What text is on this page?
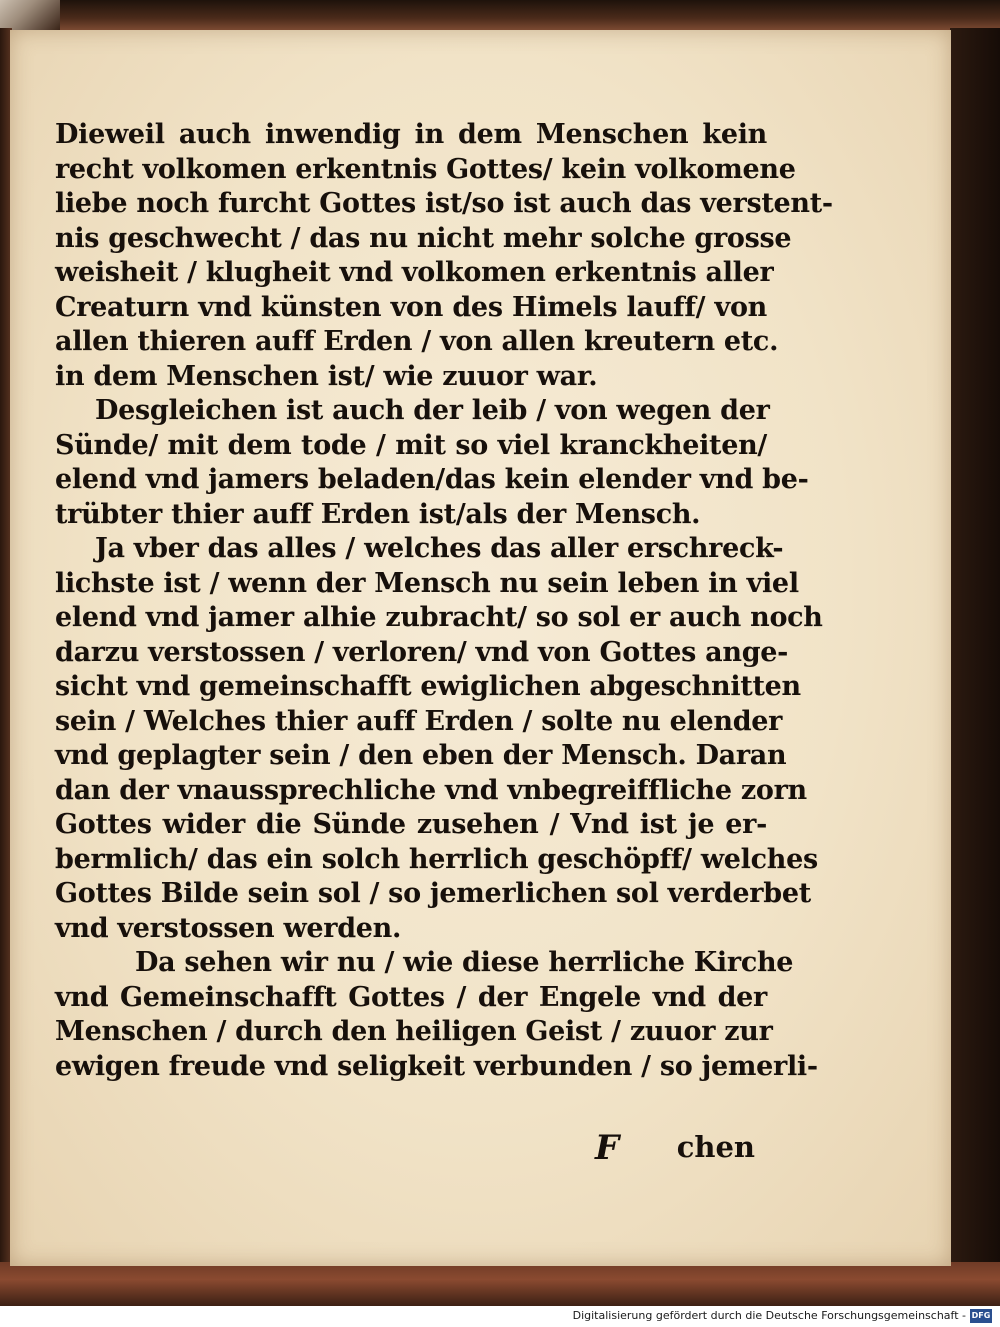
Dieweil auch inwendig in dem Menschen kein
recht volkomen erkentnis Gottes/ kein volkomene
liebe noch furcht Gottes ist/so ist auch das verstent-
nis geschwecht / das nu nicht mehr solche grosse
weisheit / klugheit vnd volkomen erkentnis aller
Creaturn vnd künsten von des Himels lauff/ von
allen thieren auff Erden / von allen kreutern etc.
in dem Menschen ist/ wie zuuor war.
Desgleichen ist auch der leib / von wegen der
Sünde/ mit dem tode / mit so viel kranckheiten/
elend vnd jamers beladen/das kein elender vnd be-
trübter thier auff Erden ist/als der Mensch.
Ja vber das alles / welches das aller erschreck-
lichste ist / wenn der Mensch nu sein leben in viel
elend vnd jamer alhie zubracht/ so sol er auch noch
darzu verstossen / verloren/ vnd von Gottes ange-
sicht vnd gemeinschafft ewiglichen abgeschnitten
sein / Welches thier auff Erden / solte nu elender
vnd geplagter sein / den eben der Mensch. Daran
dan der vnaussprechliche vnd vnbegreiffliche zorn
Gottes wider die Sünde zusehen / Vnd ist je er-
bermlich/ das ein solch herrlich geschöpff/ welches
Gottes Bilde sein sol / so jemerlichen sol verderbet
vnd verstossen werden.
Da sehen wir nu / wie diese herrliche Kirche
vnd Gemeinschafft Gottes / der Engele vnd der
Menschen / durch den heiligen Geist / zuuor zur
ewigen freude vnd seligkeit verbunden / so jemerli-
F chen
Digitalisierung gefördert durch die Deutsche Forschungsgemeinschaft - DFG
